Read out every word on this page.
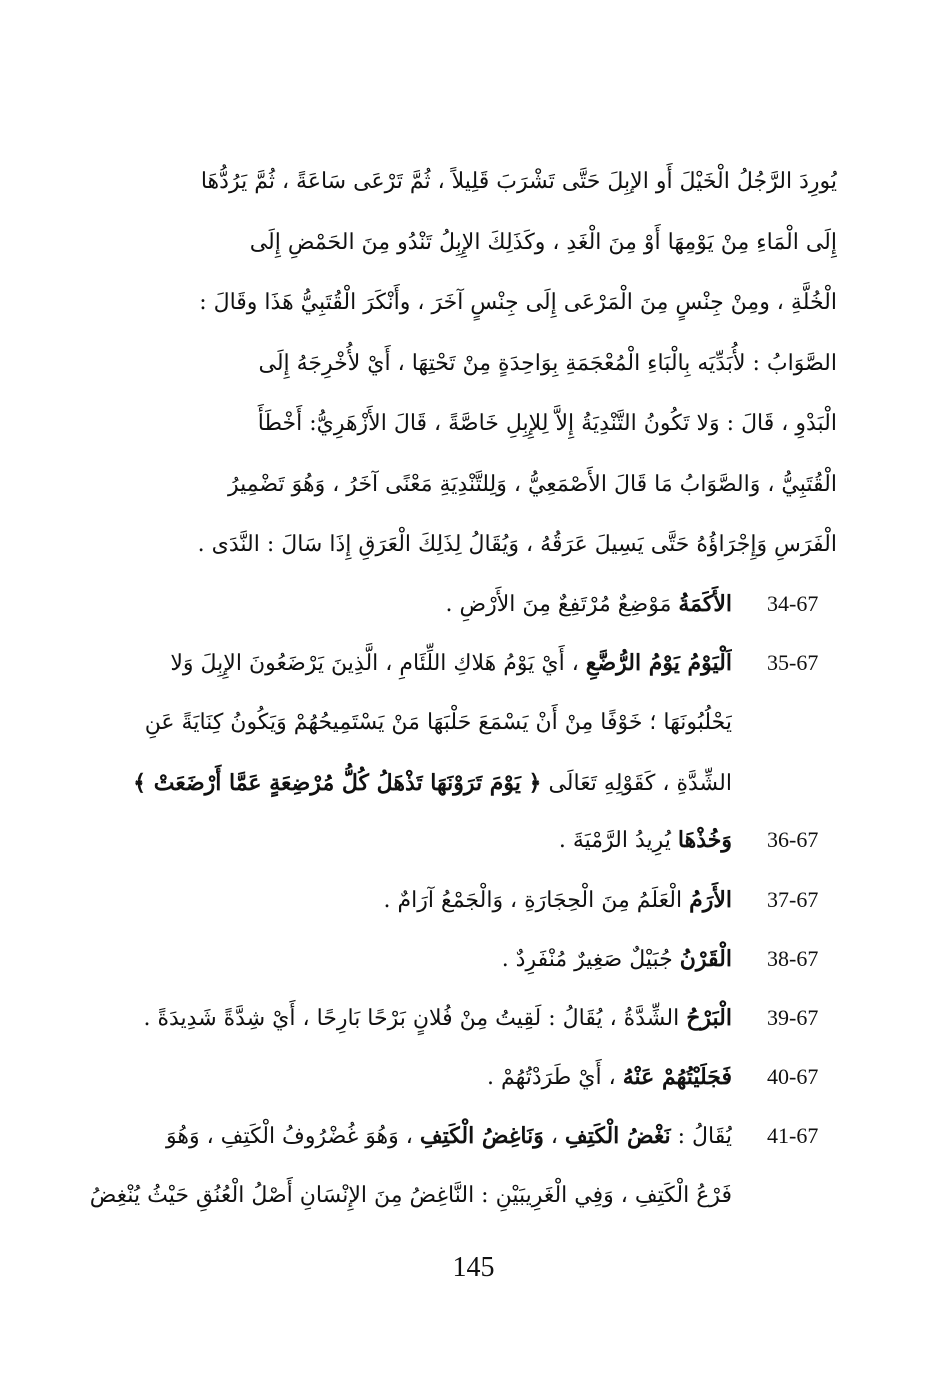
يُورِدَ الرَّجُلُ الْخَيْلَ أَو الإبِلَ حَتَّى تَشْرَبَ قَلِيلاً ، ثُمَّ تَرْعَى سَاعَةً ، ثُمَّ يَرُدُّهَا
إِلَى الْمَاءِ مِنْ يَوْمِهَا أَوْ مِنَ الْغَدِ ، وكَذَلِكَ الإِبِلُ تَنْدُو مِنَ الحَمْضِ إِلَى
الْخُلَّةِ ، ومِنْ جِنْسٍ مِنَ الْمَرْعَى إِلَى جِنْسٍ آخَرَ ، وأَنْكَرَ الْقُتَبِيُّ هَذَا وقَالَ :
الصَّوَابُ : لأُبَدِّيَه بِالْبَاءِ الْمُعْجَمَةِ بِوَاحِدَةٍ مِنْ تَحْتِهَا ، أَيْ لأُخْرِجَهُ إِلَى
الْبَدْوِ ، قَالَ : وَلا تَكُونُ التَّنْدِيَةُ إِلاَّ لِلإِبِلِ خَاصَّةً ، قَالَ الأَزْهَرِيُّ: أَخْطَأَ
الْقُتَبِيُّ ، وَالصَّوَابُ مَا قَالَ الأَصْمَعِيُّ ، وَلِلتَّنْدِيَةِ مَعْنًى آخَرُ ، وَهُوَ تَضْمِيرُ
الْفَرَسِ وَإِجْرَاؤُهُ حَتَّى يَسِيلَ عَرَقُهُ ، وَيُقَالُ لِذَلِكَ الْعَرَقِ إِذَا سَالَ : النَّدَى .
34-67
الأَكَمَةُ مَوْضِعٌ مُرْتَفِعٌ مِنَ الأَرْضِ .
35-67
اَلْيَوْمُ يَوْمُ الرُّضَّعِ ، أَيْ يَوْمُ هَلاكِ اللِّئَامِ ، الَّذِينَ يَرْضَعُونَ الإِبِلَ وَلا
يَحْلُبُونَهَا ؛ خَوْفًا مِنْ أَنْ يَسْمَعَ حَلْبَهَا مَنْ يَسْتَمِيحُهُمْ وَيَكُونُ كِنَايَةً عَنِ
الشِّدَّةِ ، كَقَوْلِهِ تَعَالَى ﴿ يَوْمَ تَرَوْنَهَا تَذْهَلُ كُلُّ مُرْضِعَةٍ عَمَّا أَرْضَعَتْ ﴾
36-67
وَخُذْهَا يُرِيدُ الرَّمْيَةَ .
37-67
الأَرَمُ الْعَلَمُ مِنَ الْحِجَارَةِ ، وَالْجَمْعُ آرَامٌ .
38-67
الْقَرْنُ جُبَيْلٌ صَغِيرٌ مُنْفَرِدٌ .
39-67
الْبَرْحُ الشِّدَّةُ ، يُقَالُ : لَقِيتُ مِنْ فُلانٍ بَرْحًا بَارِحًا ، أَيْ شِدَّةً شَدِيدَةً .
40-67
فَجَلَيْتُهُمْ عَنْهُ ، أَيْ طَرَدْتُهُمْ .
41-67
يُقَالُ : نَغْضُ الْكَتِفِ ، وَنَاغِضُ الْكَتِفِ ، وَهُوَ غُضْرُوفُ الْكَتِفِ ، وَهُوَ
فَرْعُ الْكَتِفِ ، وَفِي الْغَرِيبَيْنِ : النَّاغِضُ مِنَ الإِنْسَانِ أَصْلُ الْعُنُقِ حَيْثُ يُنْغِضُ
145
